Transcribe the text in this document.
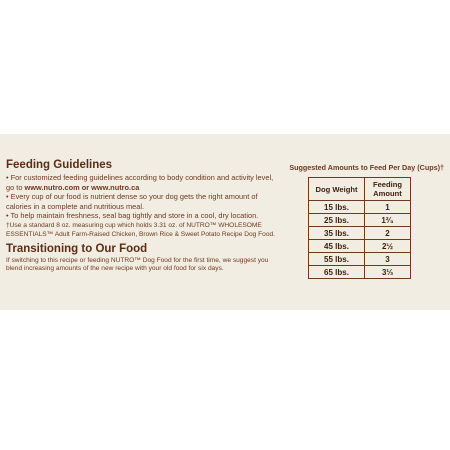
Feeding Guidelines
• For customized feeding guidelines according to body condition and activity level, go to www.nutro.com or www.nutro.ca
• Every cup of our food is nutrient dense so your dog gets the right amount of calories in a complete and nutritious meal.
• To help maintain freshness, seal bag tightly and store in a cool, dry location.
†Use a standard 8 oz. measuring cup which holds 3.31 oz. of NUTRO™ WHOLESOME ESSENTIALS™ Adult Farm-Raised Chicken, Brown Rice & Sweet Potato Recipe Dog Food.
Transitioning to Our Food
If switching to this recipe or feeding NUTRO™ Dog Food for the first time, we suggest you blend increasing amounts of the new recipe with your old food for six days.
Suggested Amounts to Feed Per Day (Cups)†
Dog Weight	Feeding Amount
15 lbs.	1
25 lbs.	1²⁄₃
35 lbs.	2
45 lbs.	2½
55 lbs.	3
65 lbs.	3⅓
